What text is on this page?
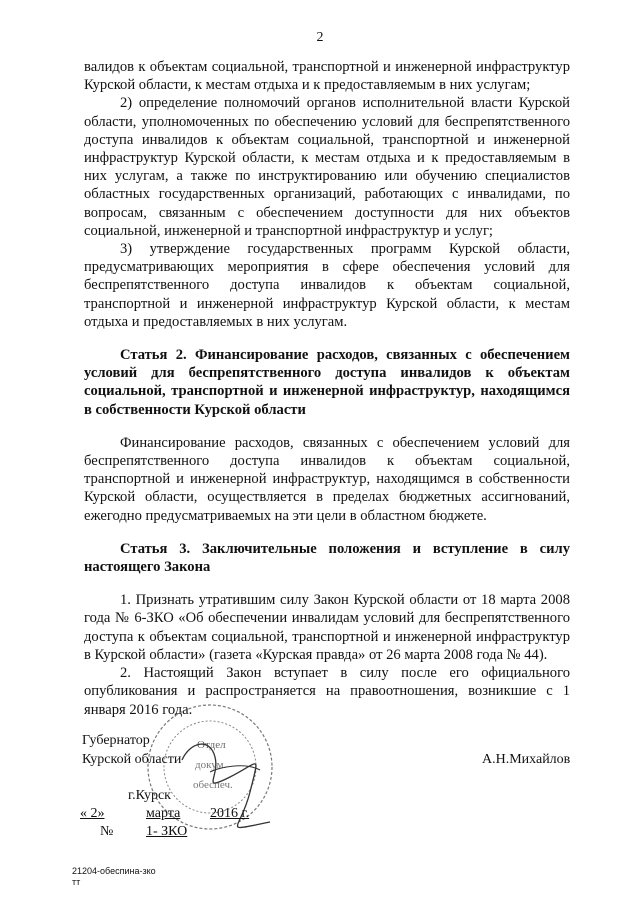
2

валидов к объектам социальной, транспортной и инженерной инфраструктур Курской области, к местам отдыха и к предоставляемым в них услугам;

2) определение полномочий органов исполнительной власти Курской области, уполномоченных по обеспечению условий для беспрепятственного доступа инвалидов к объектам социальной, транспортной и инженерной инфраструктур Курской области, к местам отдыха и к предоставляемым в них услугам, а также по инструктированию или обучению специалистов областных государственных организаций, работающих с инвалидами, по вопросам, связанным с обеспечением доступности для них объектов социальной, инженерной и транспортной инфраструктур и услуг;

3) утверждение государственных программ Курской области, предусматривающих мероприятия в сфере обеспечения условий для беспрепятственного доступа инвалидов к объектам социальной, транспортной и инженерной инфраструктур Курской области, к местам отдыха и предоставляемых в них услугам.

Статья 2. Финансирование расходов, связанных с обеспечением условий для беспрепятственного доступа инвалидов к объектам социальной, транспортной и инженерной инфраструктур, находящимся в собственности Курской области

Финансирование расходов, связанных с обеспечением условий для беспрепятственного доступа инвалидов к объектам социальной, транспортной и инженерной инфраструктур, находящимся в собственности Курской области, осуществляется в пределах бюджетных ассигнований, ежегодно предусматриваемых на эти цели в областном бюджете.

Статья 3. Заключительные положения и вступление в силу настоящего Закона

1. Признать утратившим силу Закон Курской области от 18 марта 2008 года № 6-ЗКО «Об обеспечении инвалидам условий для беспрепятственного доступа к объектам социальной, транспортной и инженерной инфраструктур в Курской области» (газета «Курская правда» от 26 марта 2008 года № 44).

2. Настоящий Закон вступает в силу после его официального опубликования и распространяется на правоотношения, возникшие с 1 января 2016 года.

Отдел
докум.
обеспеч.
Губернатор
Курской области	А.Н.Михайлов
г.Курск
« 2»	марта 2016 г.
№ 1- ЗКО
21204-обеспина-зко
тт
